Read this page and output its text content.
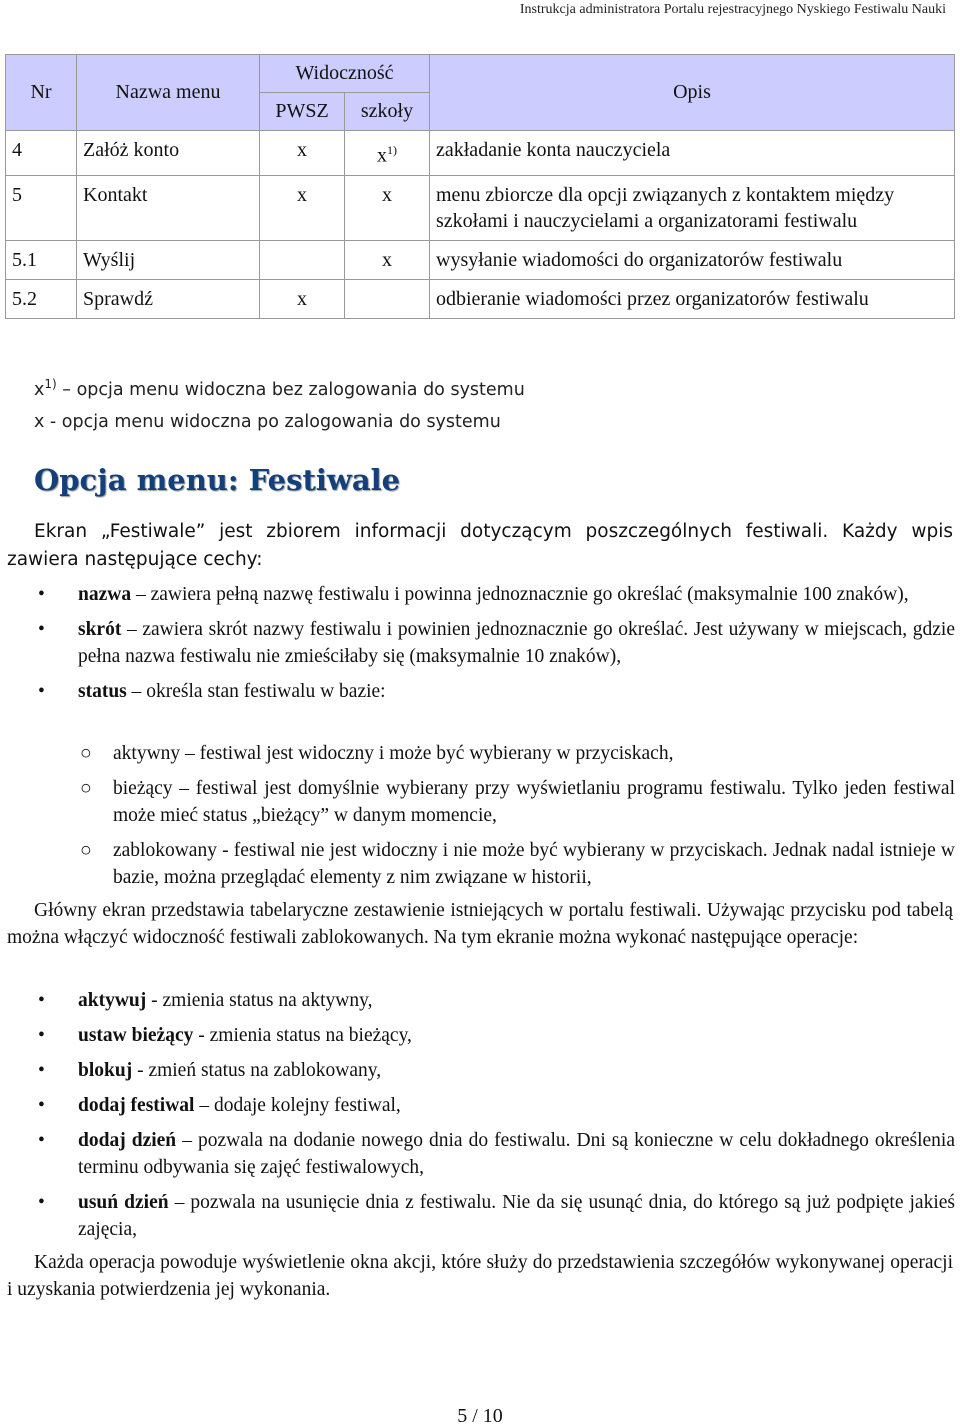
Instrukcja administratora Portalu rejestracyjnego Nyskiego Festiwalu Nauki
Nr	Nazwa menu	Widoczność		Opis
		PWSZ	szkoły	
4	Załóż konto	x	$x^{1)}$	zakładanie konta nauczyciela
5	Kontakt	x	x	menu zbiorcze dla opcji związanych z kontaktem między szkołami i nauczycielami a organizatorami festiwalu
5.1	Wyślij		x	wysyłanie wiadomości do organizatorów festiwalu
5.2	Sprawdź	x		odbieranie wiadomości przez organizatorów festiwalu
$x^{1)}$ – opcja menu widoczna bez zalogowania do systemu
x - opcja menu widoczna po zalogowania do systemu
Opcja menu: Festiwale
Ekran „Festiwale” jest zbiorem informacji dotyczącym poszczególnych festiwali. Każdy wpis zawiera następujące cechy:
• nazwa – zawiera pełną nazwę festiwalu i powinna jednoznacznie go określać (maksymalnie 100 znaków),
• skrót – zawiera skrót nazwy festiwalu i powinien jednoznacznie go określać. Jest używany w miejscach, gdzie pełna nazwa festiwalu nie zmieściłaby się (maksymalnie 10 znaków),
• status – określa stan festiwalu w bazie:
○ aktywny – festiwal jest widoczny i może być wybierany w przyciskach,
○ bieżący – festiwal jest domyślnie wybierany przy wyświetlaniu programu festiwalu. Tylko jeden festiwal może mieć status „bieżący” w danym momencie,
○ zablokowany - festiwal nie jest widoczny i nie może być wybierany w przyciskach. Jednak nadal istnieje w bazie, można przeglądać elementy z nim związane w historii,
Główny ekran przedstawia tabelaryczne zestawienie istniejących w portalu festiwali. Używając przycisku pod tabelą można włączyć widoczność festiwali zablokowanych. Na tym ekranie można wykonać następujące operacje:
• aktywuj - zmienia status na aktywny,
• ustaw bieżący - zmienia status na bieżący,
• blokuj - zmień status na zablokowany,
• dodaj festiwal – dodaje kolejny festiwal,
• dodaj dzień – pozwala na dodanie nowego dnia do festiwalu. Dni są konieczne w celu dokładnego określenia terminu odbywania się zajęć festiwalowych,
• usuń dzień – pozwala na usunięcie dnia z festiwalu. Nie da się usunąć dnia, do którego są już podpięte jakieś zajęcia,
Każda operacja powoduje wyświetlenie okna akcji, które służy do przedstawienia szczegółów wykonywanej operacji i uzyskania potwierdzenia jej wykonania.
5 / 10
